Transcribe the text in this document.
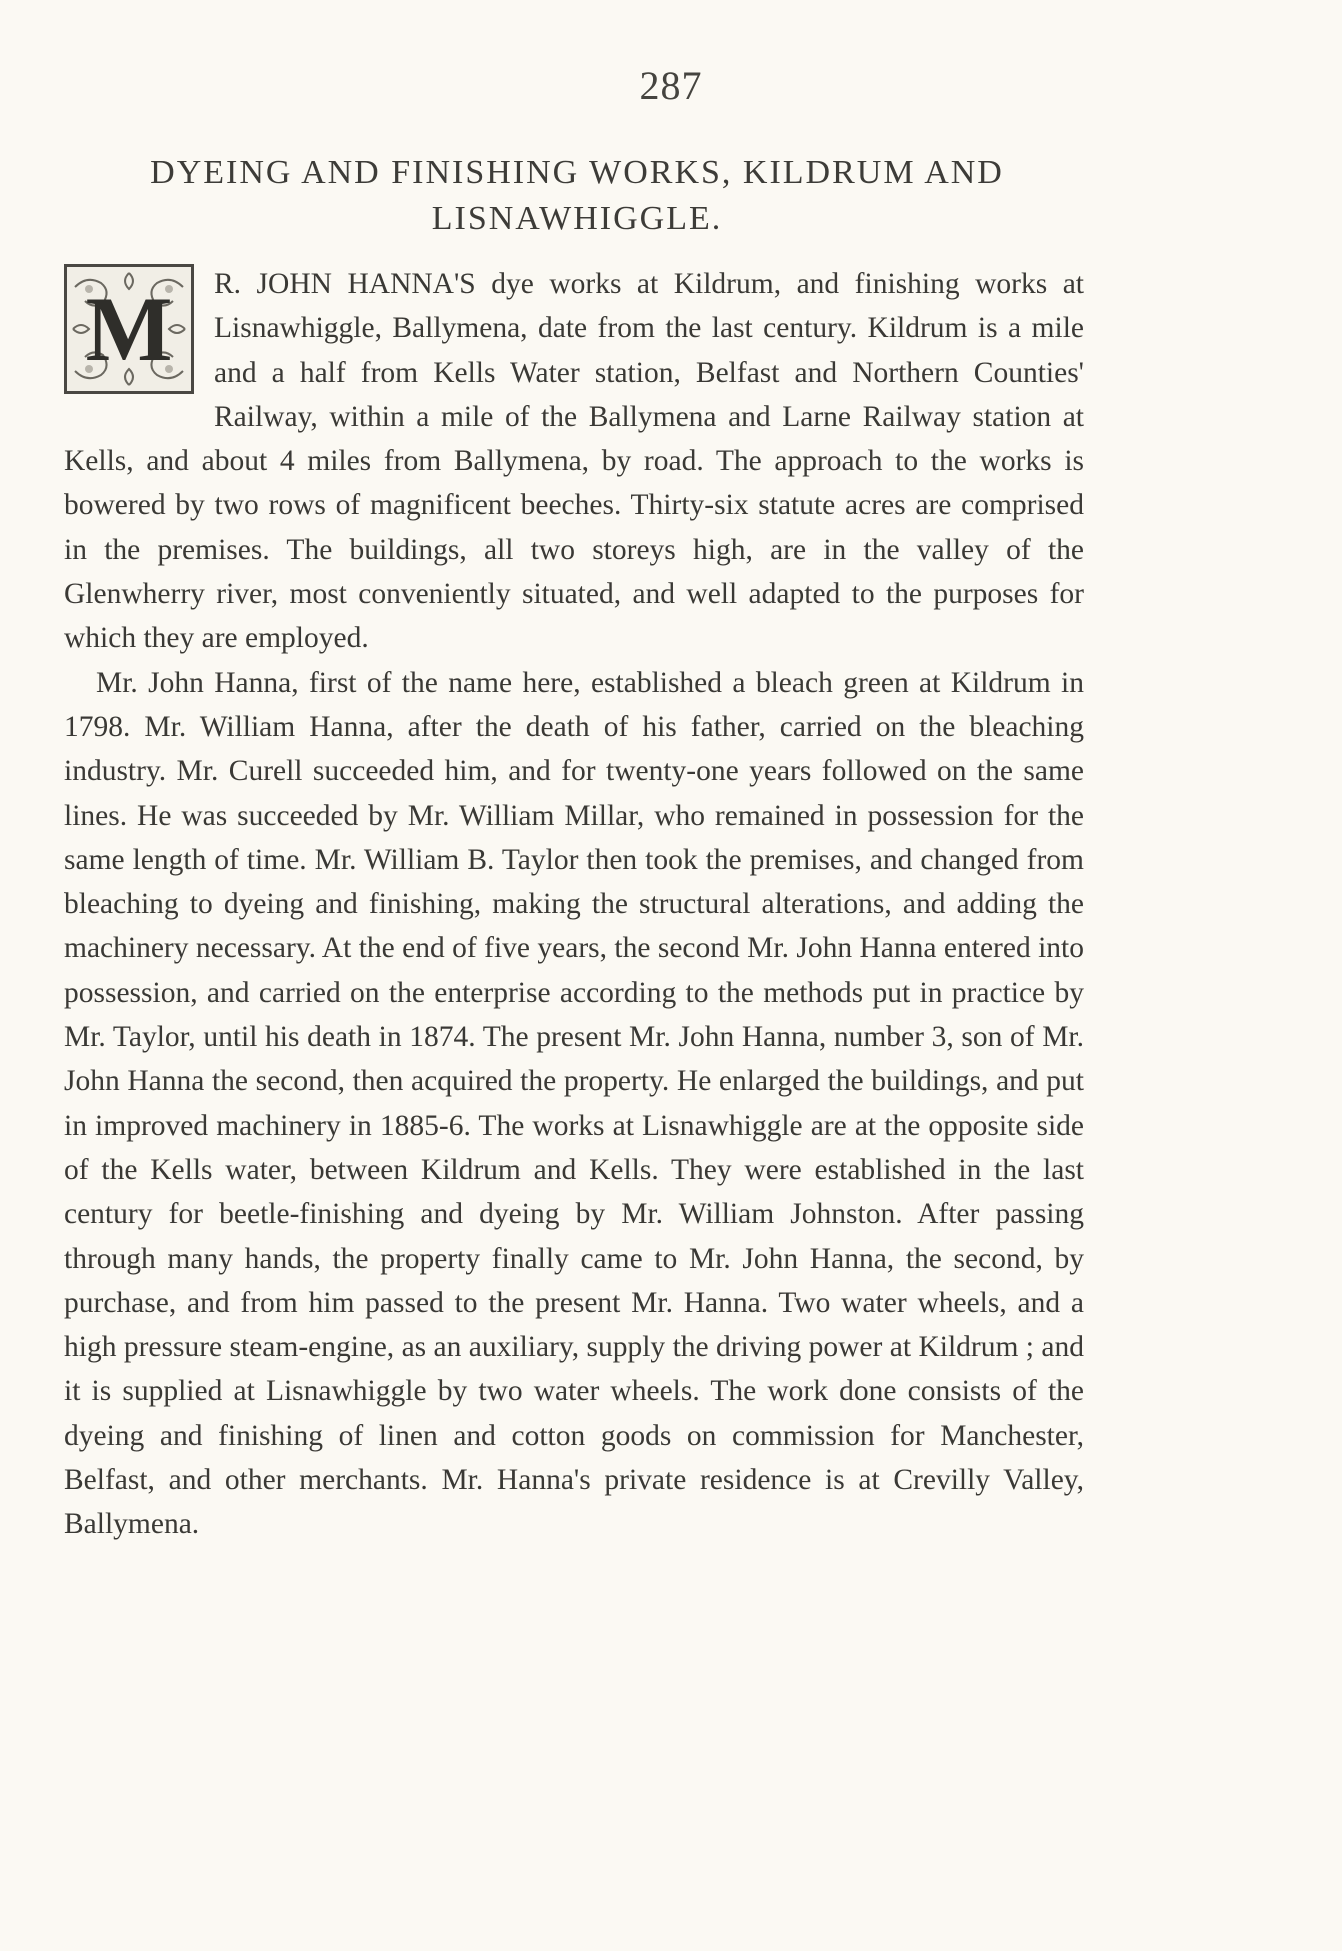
287
DYEING AND FINISHING WORKS, KILDRUM AND LISNAWHIGGLE.

M	R. JOHN HANNA'S dye works at Kildrum, and finishing works at Lisnawhiggle, Ballymena, date from the last century. Kildrum is a mile and a half from Kells Water station, Belfast and Northern Counties' Railway, within a mile of the Ballymena and Larne Railway station at Kells, and about 4 miles from Ballymena, by road. The approach to the works is bowered by two rows of magnificent beeches. Thirty-six statute acres are comprised in the premises. The buildings, all two storeys high, are in the valley of the Glenwherry river, most conveniently situated, and well adapted to the purposes for which they are employed.

Mr. John Hanna, first of the name here, established a bleach green at Kildrum in 1798. Mr. William Hanna, after the death of his father, carried on the bleaching industry. Mr. Curell succeeded him, and for twenty-one years followed on the same lines. He was succeeded by Mr. William Millar, who remained in possession for the same length of time. Mr. William B. Taylor then took the premises, and changed from bleaching to dyeing and finishing, making the structural alterations, and adding the machinery necessary. At the end of five years, the second Mr. John Hanna entered into possession, and carried on the enterprise according to the methods put in practice by Mr. Taylor, until his death in 1874. The present Mr. John Hanna, number 3, son of Mr. John Hanna the second, then acquired the property. He enlarged the buildings, and put in improved machinery in 1885-6. The works at Lisnawhiggle are at the opposite side of the Kells water, between Kildrum and Kells. They were established in the last century for beetle-finishing and dyeing by Mr. William Johnston. After passing through many hands, the property finally came to Mr. John Hanna, the second, by purchase, and from him passed to the present Mr. Hanna. Two water wheels, and a high pressure steam-engine, as an auxiliary, supply the driving power at Kildrum ; and it is supplied at Lisnawhiggle by two water wheels. The work done consists of the dyeing and finishing of linen and cotton goods on commission for Manchester, Belfast, and other merchants. Mr. Hanna's private residence is at Crevilly Valley, Ballymena.
